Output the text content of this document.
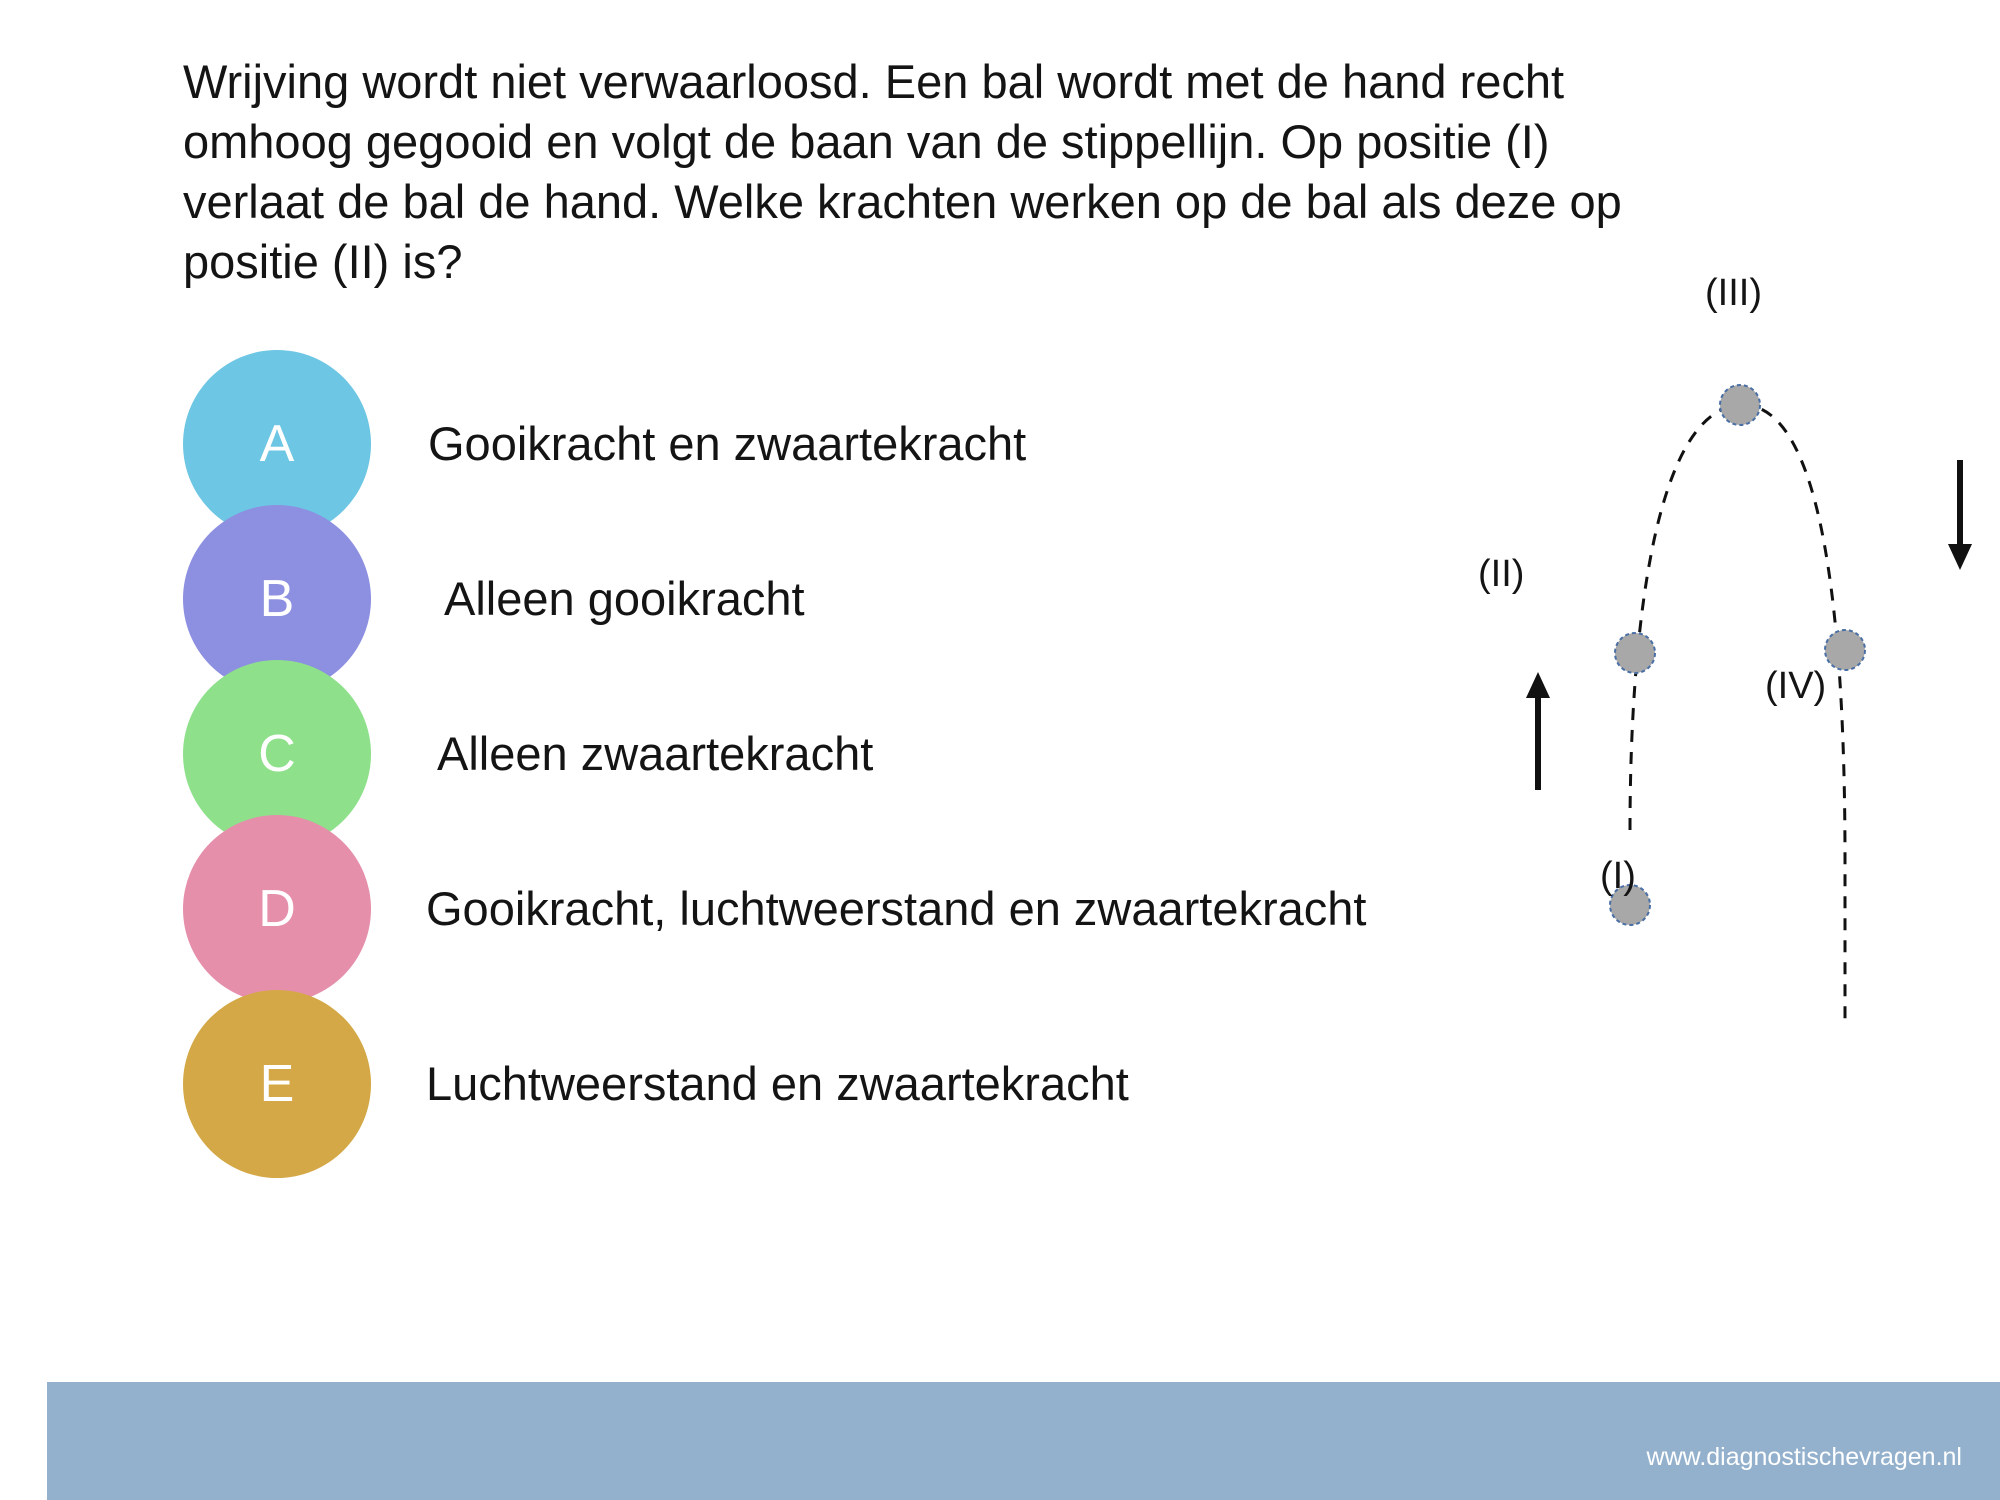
Wrijving wordt niet verwaarloosd. Een bal wordt met de hand recht omhoog gegooid en volgt de baan van de stippellijn. Op positie (I) verlaat de bal de hand. Welke krachten werken op de bal als deze op positie (II) is?
A	Gooikracht en zwaartekracht
B	Alleen gooikracht
C	Alleen zwaartekracht
D	Gooikracht, luchtweerstand en zwaartekracht
E	Luchtweerstand en zwaartekracht
(III)
(II)
(IV)
(I)
www.diagnostischevragen.nl
